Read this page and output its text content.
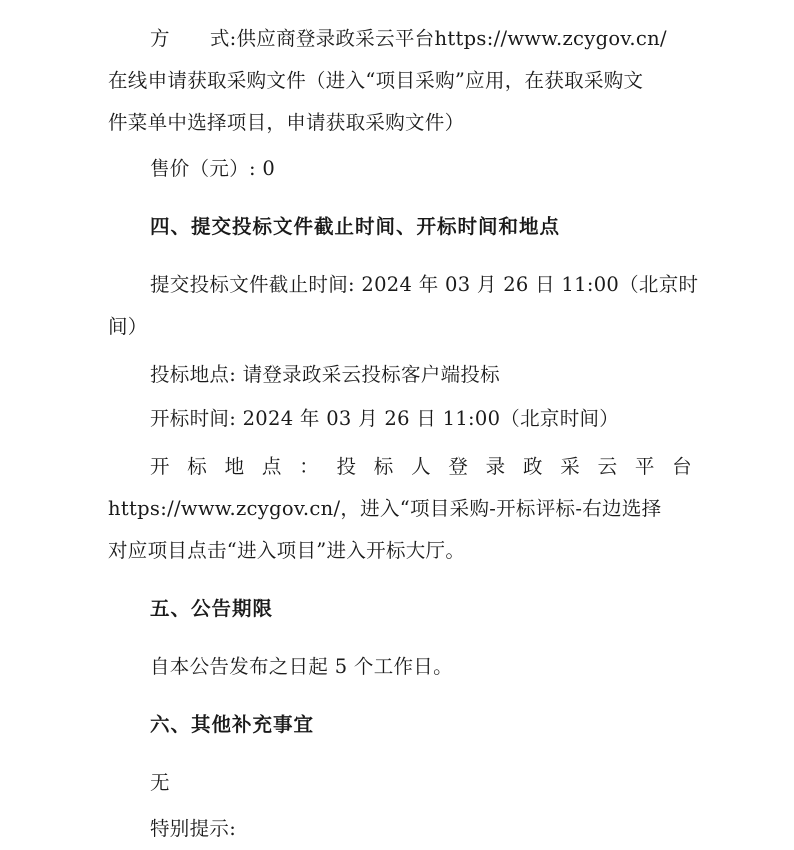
方 式:供应商登录政采云平台https://www.zcygov.cn/
在线申请获取采购文件（进入“项目采购”应用，在获取采购文
件菜单中选择项目，申请获取采购文件）
售价（元）: 0
四、提交投标文件截止时间、开标时间和地点
提交投标文件截止时间: 2024 年 03 月 26 日 11:00（北京时
间）
投标地点: 请登录政采云投标客户端投标
开标时间: 2024 年 03 月 26 日 11:00（北京时间）
开 标 地 点 ： 投 标 人 登 录 政 采 云 平 台
https://www.zcygov.cn/，进入“项目采购-开标评标-右边选择
对应项目点击“进入项目”进入开标大厅。
五、公告期限
自本公告发布之日起 5 个工作日。
六、其他补充事宜
无
特别提示:
